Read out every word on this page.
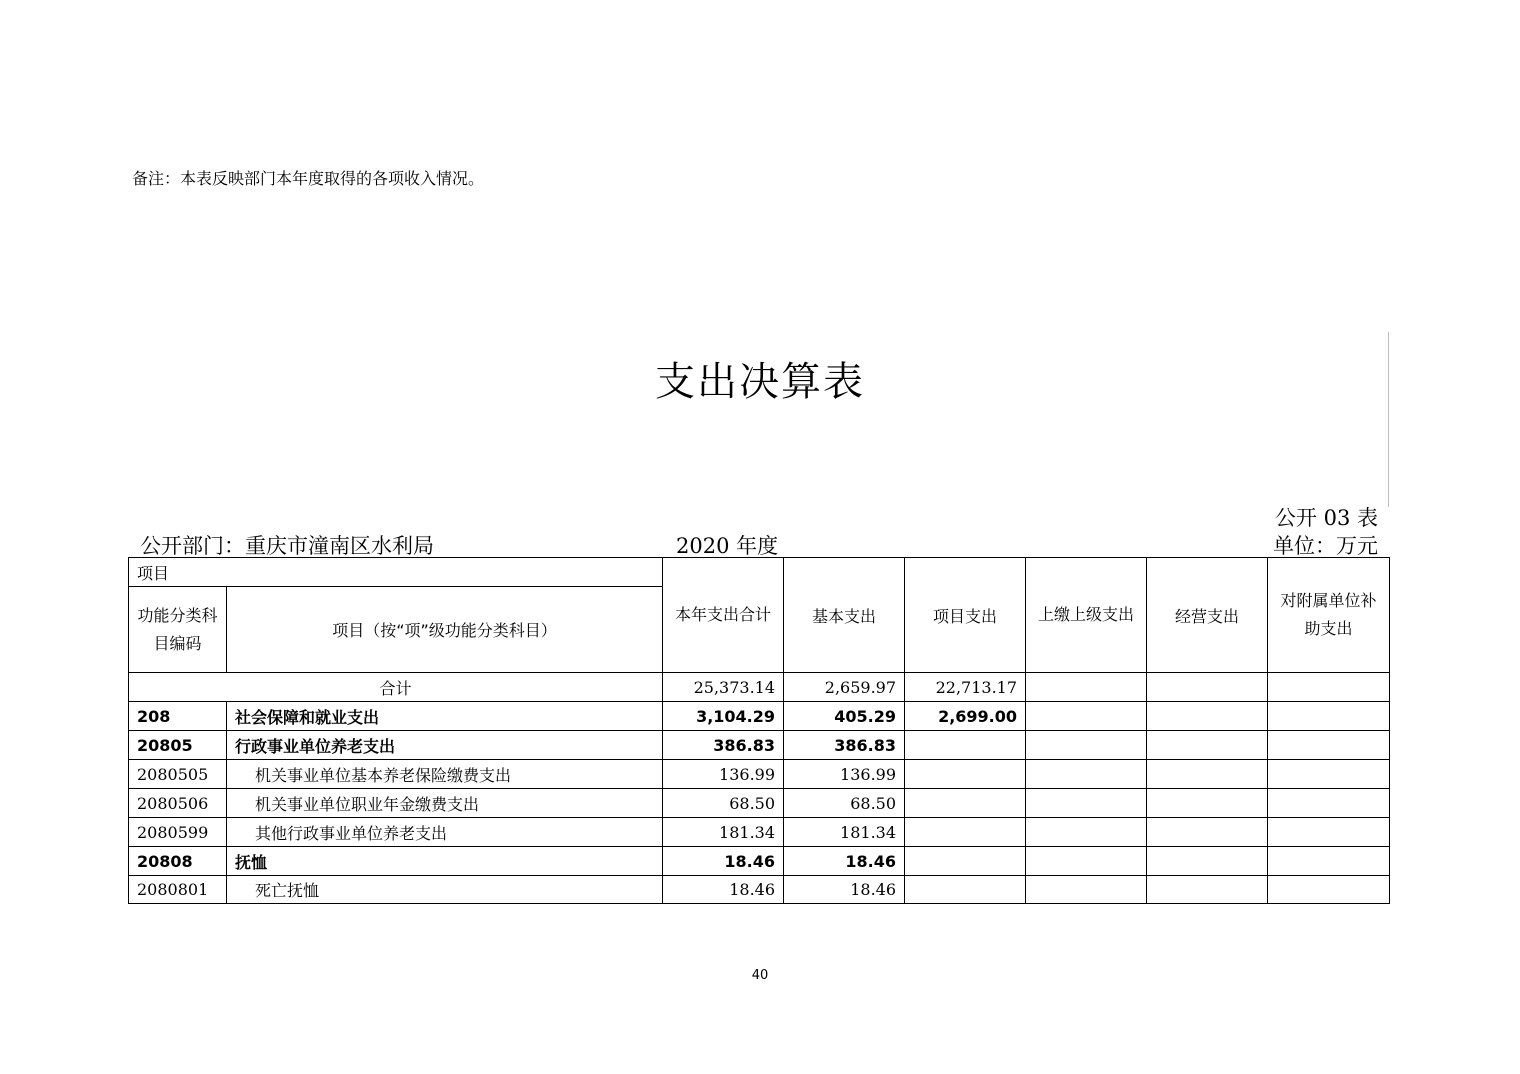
备注：本表反映部门本年度取得的各项收入情况。
支出决算表
公开部门：重庆市潼南区水利局	2020 年度
公开 03 表
单位：万元
项目		本年支出合计	基本支出	项目支出	上缴上级支出	经营支出	对附属单位补助支出
功能分类科目编码	项目（按“项”级功能分类科目）						
合计		25,373.14	2,659.97	22,713.17			
208	社会保障和就业支出	3,104.29	405.29	2,699.00			
20805	行政事业单位养老支出	386.83	386.83				
2080505	机关事业单位基本养老保险缴费支出	136.99	136.99				
2080506	机关事业单位职业年金缴费支出	68.50	68.50				
2080599	其他行政事业单位养老支出	181.34	181.34				
20808	抚恤	18.46	18.46				
2080801	死亡抚恤	18.46	18.46				
40
